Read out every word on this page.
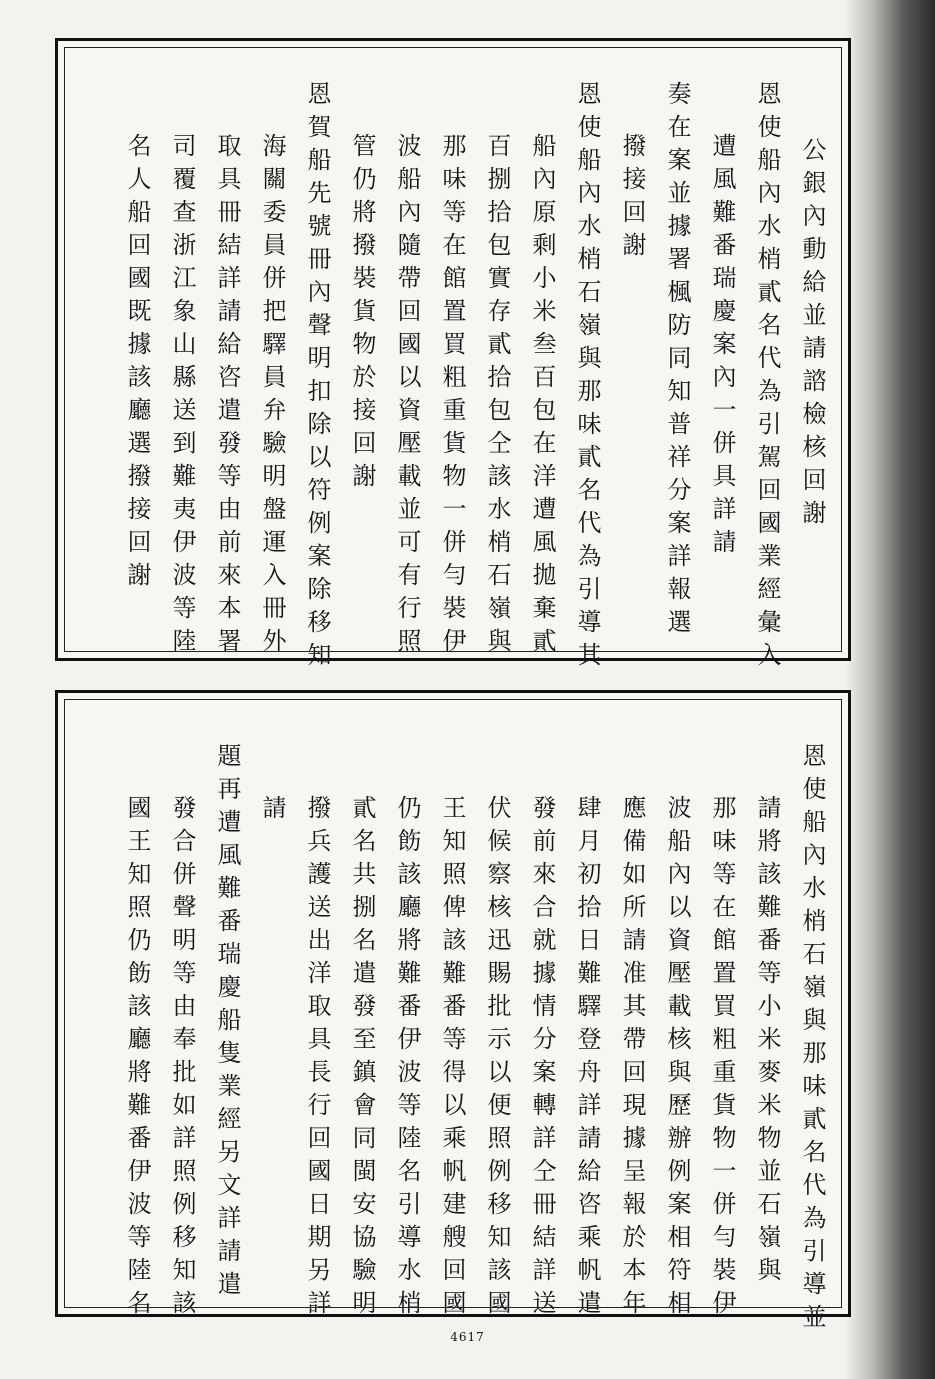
公銀內動給並請諮檢核回謝
恩使船內水梢貳名代為引駕回國業經彙入
遭風難番瑞慶案內一併具詳請
奏在案並據署楓防同知普祥分案詳報選
撥接回謝
恩使船內水梢石嶺與那味貳名代為引導其
船內原剩小米叁百包在洋遭風拋棄貳
百捌拾包實存貳拾包仝該水梢石嶺與
那味等在館置買粗重貨物一併勻裝伊
波船內隨帶回國以資壓載並可有行照
管仍將撥裝貨物於接回謝
恩賀船先號冊內聲明扣除以符例案除移知
海關委員併把驛員弁驗明盤運入冊外
取具冊結詳請給咨遣發等由前來本署
司覆查浙江象山縣送到難夷伊波等陸
名人船回國既據該廳選撥接回謝
恩使船內水梢石嶺與那味貳名代為引導並
請將該難番等小米麥米物並石嶺與
那味等在館置買粗重貨物一併勻裝伊
波船內以資壓載核與歷辦例案相符相
應備如所請准其帶回現據呈報於本年
肆月初拾日難驛登舟詳請給咨乘帆遣
發前來合就據情分案轉詳仝冊結詳送
伏候察核迅賜批示以便照例移知該國
王知照俾該難番等得以乘帆建艘回國
仍飭該廳將難番伊波等陸名引導水梢
貳名共捌名遣發至鎮會同閩安協驗明
撥兵護送出洋取具長行回國日期另詳
請
題再遭風難番瑞慶船隻業經另文詳請遣
發合併聲明等由奉批如詳照例移知該
國王知照仍飭該廳將難番伊波等陸名
4617
